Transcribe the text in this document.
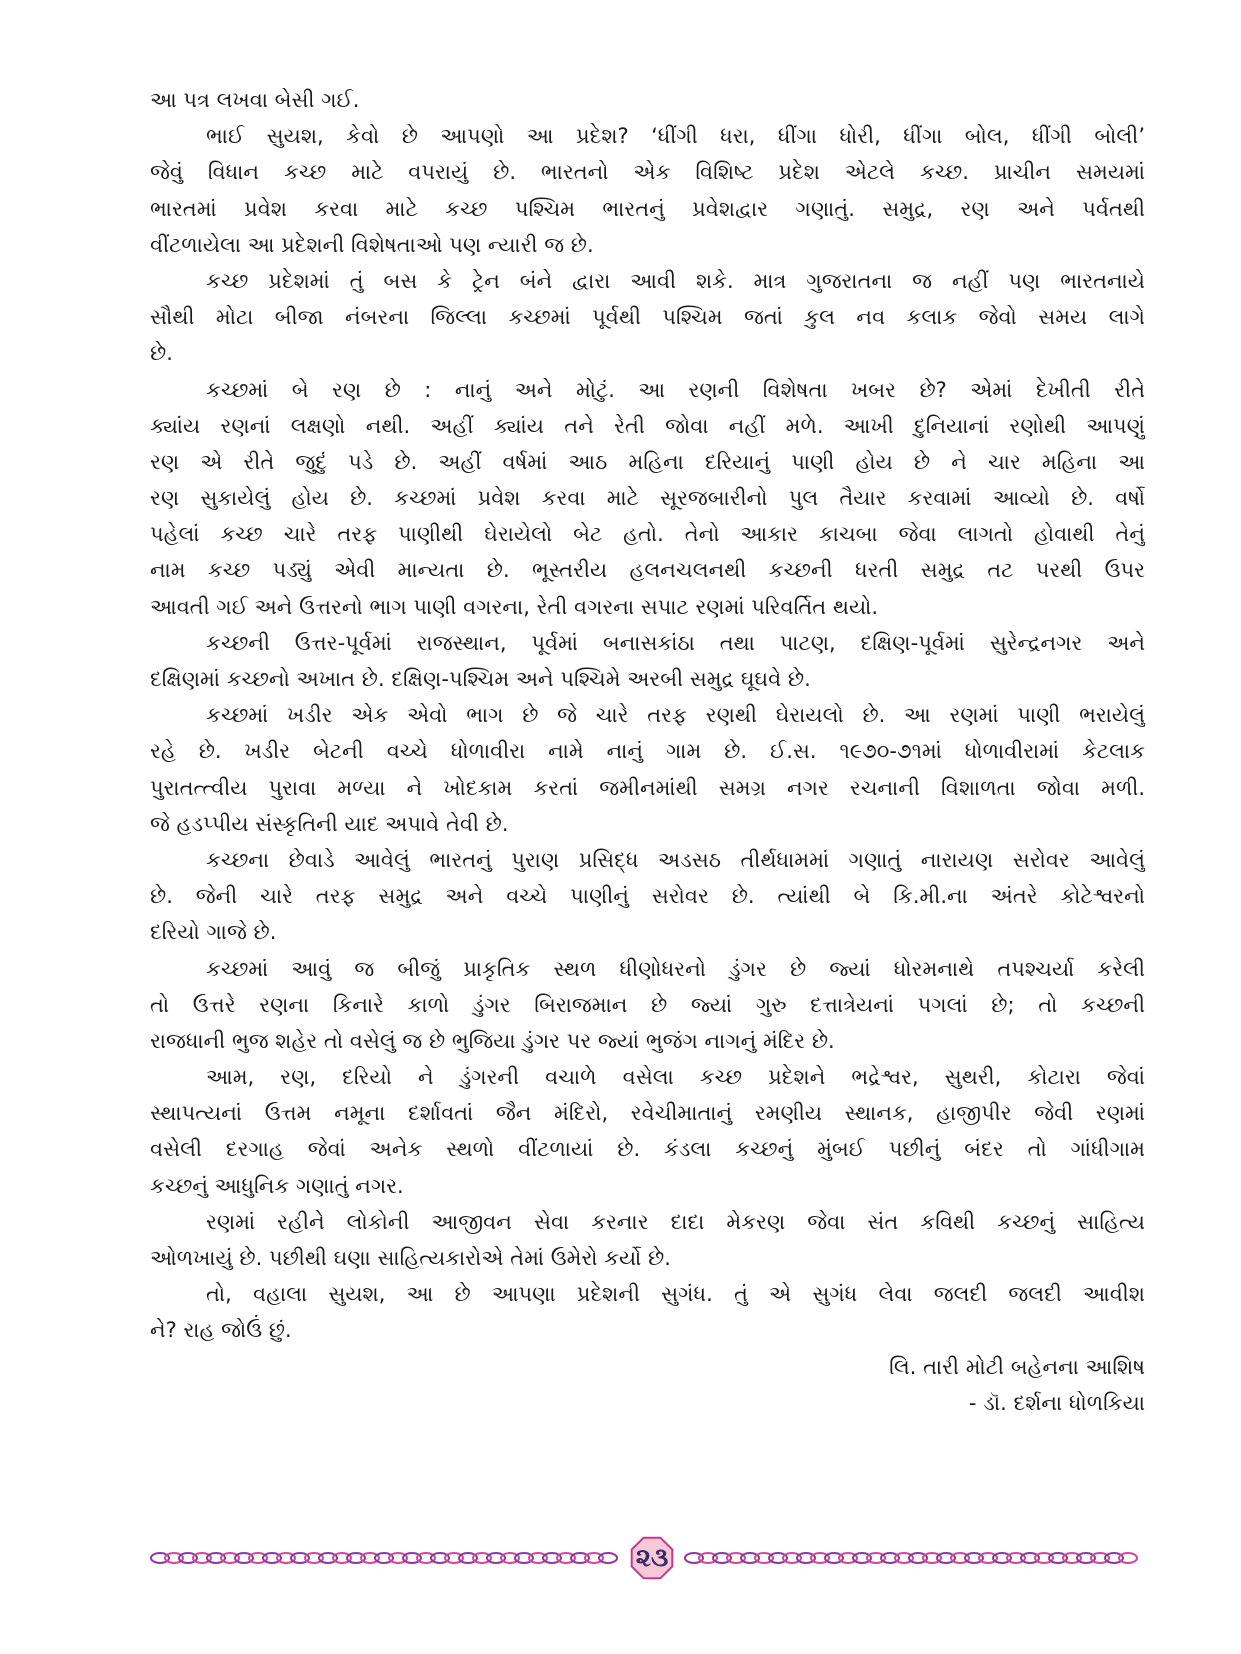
આ પત્ર લખવા બેસી ગઈ.
ભાઈ સુયશ, કેવો છે આપણો આ પ્રદેશ? ‘ધીંગી ધરા, ધીંગા ધોરી, ધીંગા બોલ, ધીંગી બોલી’
જેવું વિધાન કચ્છ માટે વપરાયું છે. ભારતનો એક વિશિષ્ટ પ્રદેશ એટલે કચ્છ. પ્રાચીન સમયમાં
ભારતમાં પ્રવેશ કરવા માટે કચ્છ પશ્ચિમ ભારતનું પ્રવેશદ્વાર ગણાતું. સમુદ્ર, રણ અને પર્વતથી
વીંટળાયેલા આ પ્રદેશની વિશેષતાઓ પણ ન્યારી જ છે.
કચ્છ પ્રદેશમાં તું બસ કે ટ્રેન બંને દ્વારા આવી શકે. માત્ર ગુજરાતના જ નહીં પણ ભારતનાયે
સૌથી મોટા બીજા નંબરના જિલ્લા કચ્છમાં પૂર્વથી પશ્ચિમ જતાં કુલ નવ કલાક જેવો સમય લાગે
છે.
કચ્છમાં બે રણ છે : નાનું અને મોટું. આ રણની વિશેષતા ખબર છે? એમાં દેખીતી રીતે
ક્યાંય રણનાં લક્ષણો નથી. અહીં ક્યાંય તને રેતી જોવા નહીં મળે. આખી દુનિયાનાં રણોથી આપણું
રણ એ રીતે જુદું પડે છે. અહીં વર્ષમાં આઠ મહિના દરિયાનું પાણી હોય છે ને ચાર મહિના આ
રણ સુકાયેલું હોય છે. કચ્છમાં પ્રવેશ કરવા માટે સૂરજબારીનો પુલ તૈયાર કરવામાં આવ્યો છે. વર્ષો
પહેલાં કચ્છ ચારે તરફ પાણીથી ઘેરાયેલો બેટ હતો. તેનો આકાર કાચબા જેવા લાગતો હોવાથી તેનું
નામ કચ્છ પડ્યું એવી માન્યતા છે. ભૂસ્તરીય હલનચલનથી કચ્છની ધરતી સમુદ્ર તટ પરથી ઉપર
આવતી ગઈ અને ઉત્તરનો ભાગ પાણી વગરના, રેતી વગરના સપાટ રણમાં પરિવર્તિત થયો.
કચ્છની ઉત્તર-પૂર્વમાં રાજસ્થાન, પૂર્વમાં બનાસકાંઠા તથા પાટણ, દક્ષિણ-પૂર્વમાં સુરેન્દ્રનગર અને
દક્ષિણમાં કચ્છનો અખાત છે. દક્ષિણ-પશ્ચિમ અને પશ્ચિમે અરબી સમુદ્ર ઘૂઘવે છે.
કચ્છમાં ખડીર એક એવો ભાગ છે જે ચારે તરફ રણથી ઘેરાયલો છે. આ રણમાં પાણી ભરાયેલું
રહે છે. ખડીર બેટની વચ્ચે ધોળાવીરા નામે નાનું ગામ છે. ઈ.સ. ૧૯૭૦-૭૧માં ધોળાવીરામાં કેટલાક
પુરાતત્ત્વીય પુરાવા મળ્યા ને ખોદકામ કરતાં જમીનમાંથી સમગ્ર નગર રચનાની વિશાળતા જોવા મળી.
જે હડપ્પીય સંસ્કૃતિની યાદ અપાવે તેવી છે.
કચ્છના છેવાડે આવેલું ભારતનું પુરાણ પ્રસિદ્ધ અડસઠ તીર્થધામમાં ગણાતું નારાયણ સરોવર આવેલું
છે. જેની ચારે તરફ સમુદ્ર અને વચ્ચે પાણીનું સરોવર છે. ત્યાંથી બે કિ.મી.ના અંતરે કોટેશ્વરનો
દરિયો ગાજે છે.
કચ્છમાં આવું જ બીજું પ્રાકૃતિક સ્થળ ધીણોધરનો ડુંગર છે જ્યાં ધોરમનાથે તપશ્ચર્યા કરેલી
તો ઉત્તરે રણના કિનારે કાળો ડુંગર બિરાજમાન છે જ્યાં ગુરુ દત્તાત્રેયનાં પગલાં છે; તો કચ્છની
રાજધાની ભુજ શહેર તો વસેલું જ છે ભુજિયા ડુંગર પર જ્યાં ભુજંગ નાગનું મંદિર છે.
આમ, રણ, દરિયો ને ડુંગરની વચાળે વસેલા કચ્છ પ્રદેશને ભદ્રેશ્વર, સુથરી, કોટારા જેવાં
સ્થાપત્યનાં ઉત્તમ નમૂના દર્શાવતાં જૈન મંદિરો, રવેચીમાતાનું રમણીય સ્થાનક, હાજીપીર જેવી રણમાં
વસેલી દરગાહ જેવાં અનેક સ્થળો વીંટળાયાં છે. કંડલા કચ્છનું મુંબઈ પછીનું બંદર તો ગાંધીગામ
કચ્છનું આધુનિક ગણાતું નગર.
રણમાં રહીને લોકોની આજીવન સેવા કરનાર દાદા મેકરણ જેવા સંત કવિથી કચ્છનું સાહિત્ય
ઓળખાયું છે. પછીથી ઘણા સાહિત્યકારોએ તેમાં ઉમેરો કર્યો છે.
તો, વહાલા સુયશ, આ છે આપણા પ્રદેશની સુગંધ. તું એ સુગંધ લેવા જલદી જલદી આવીશ
ને? રાહ જોઉં છું.
લિ. તારી મોટી બહેનના આશિષ
- ડૉ. દર્શના ધોળકિયા
૨૩
